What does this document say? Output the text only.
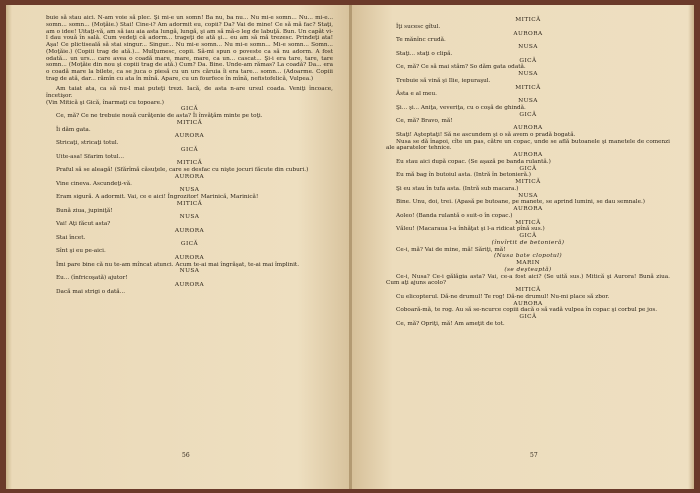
buie să stau aici. N-am voie să plec. Şi mi-e un somn! Ba nu, ba nu... Nu mi-e somn... Nu... mi-e... somn... somn... (Moţăie.) Stai! Cine-i? Am adormit eu, copii? Da? Vai de mine! Ce să mă fac? Staţi, am o idee! Uitaţi-vă, am să iau aia asta lungă, lungă, şi am să mă-o leg de labuţă. Bun. Un capăt vi-l dau vouă în sală. Cum vedeţi că adorm... trageţi de ată şi... eu am să mă trezesc. Prindeţi ata! Aşa! Ce plictiseală să stai singur... Singur... Nu mi-e somn... Nu mi-e somn... Mi-e somn... Somn... (Moţăie.) (Copiii trag de ată.)... Mulţumesc, copii. Să-mi spun o poveste ca să nu adorm. A fost odată... un urs... care avea o coadă mare, mare, mare, ca un... cascat... Şi-i era tare, tare, tare somn... (Moţăie din nou şi copiii trag de ată.) Cum? Da. Bine. Unde-am rămas? La coadă? Da... era o coadă mare la bilete, ca se juca o piesă cu un urs căruia îi era tare... somn... (Adoarme. Copiii trag de ată, dar... rămîn cu ata în mînă. Apare, cu un fourfece în mînă, nefistofelică, Vulpea.)

Am taiat ata, ca să nu-l mai puteţi trezi. Iacă, de asta n-are ursul coada. Veniţi încoace, încetişor.

(Vin Mitică şi Gică, înarmaţi cu topoare.)

GICĂ

Ce, mă? Ce ne trebuie nouă curăţenie de asta? Îi învăţăm minte pe toţi.

MITICĂ

Îi dăm gata.

AURORA

Stricaţi, stricaţi totul.

GICĂ

Uite-asa! Sfarim totul...

MITICĂ

Praful să se aleagă! (Sfărîmă căsuţele, care se desfac cu nişte jocuri făcute din cuburi.)

AURORA

Vine cineva. Ascundeţi-vă.

NUSA

Eram sigură. A adormit. Vai, ce e aici! Îngrozitor! Marinică, Marinică!

MITICĂ

Bună ziua, jupiniţă!

NUSA

Vai! Aţi făcut asta?

AURORA

Stai încet.

GICĂ

Sînt şi eu pe-aici.

AURORA

Îmi pare bine că nu te-am mîncat atunci. Acum te-ai mai îngrăşat, te-ai mai împlinit.

NUSA

Eu... (înfricoşată) ajutor!

AURORA

Dacă mai strigi o dată...

56

MITICĂ

Îţi sucesc gîtul.

AURORA

Te mănînc crudă.

NUSA

Staţi... staţi o clipă.

GICĂ

Ce, mă? Ce să mai stăm? So dăm gata odată.

NUSA

Trebuie să vină şi Ilie, iepuraşul.

MITICĂ

Ăsta e al meu.

NUSA

Şi... şi... Aniţa, veveriţa, cu o coşă de ghindă.

GICĂ

Ce, mă? Bravo, mă!

AURORA

Staţi! Aşteptaţi! Să ne ascundem şi o să avem o pradă bogată.

Nusa se dă înapoi, cîte un pas, către un copac, unde se află butoanele şi manetele de comenzi ale aparatelor tehnice.

AURORA

Eu stau aici după copac. (Se aşază pe banda rulantă.)

GICĂ

Eu mă bag în butoiul asta. (Intră în betonieră.)

MITICĂ

Şi eu stau în tufa asta. (Intră sub macara.)

NUSA

Bine. Unu, doi, trei. (Apasă pe butoane, pe manete, se aprind lumini, se dau semnale.)

AURORA

Aoleo! (Banda rulantă o suit-o în copac.)

MITICĂ

Văleu! (Macaraua l-a înhăţat şi l-a ridicat pînă sus.)

GICĂ

(învîrtit de betonieră)

Ce-i, mă? Vai de mine, mă! Săriţi, mă!

(Nusa bate clopotul)

MARIN

(se deşteaptă)

Ce-i, Nusa? Ce-i gălăgia asta? Vai, ce-a fost aici? (Se uită sus.) Mitică şi Aurora! Bună ziua. Cum aţi ajuns acolo?

MITICĂ

Cu elicopterul. Dă-ne drumul! Te rog! Dă-ne drumul! Nu-mi place să zbor.

AURORA

Coboară-mă, te rog. Au să se-ncurce copiii dacă o să vadă vulpea în copac şi corbul pe jos.

GICĂ

Ce, mă? Opriţi, mă! Am ameţit de tot.

57
